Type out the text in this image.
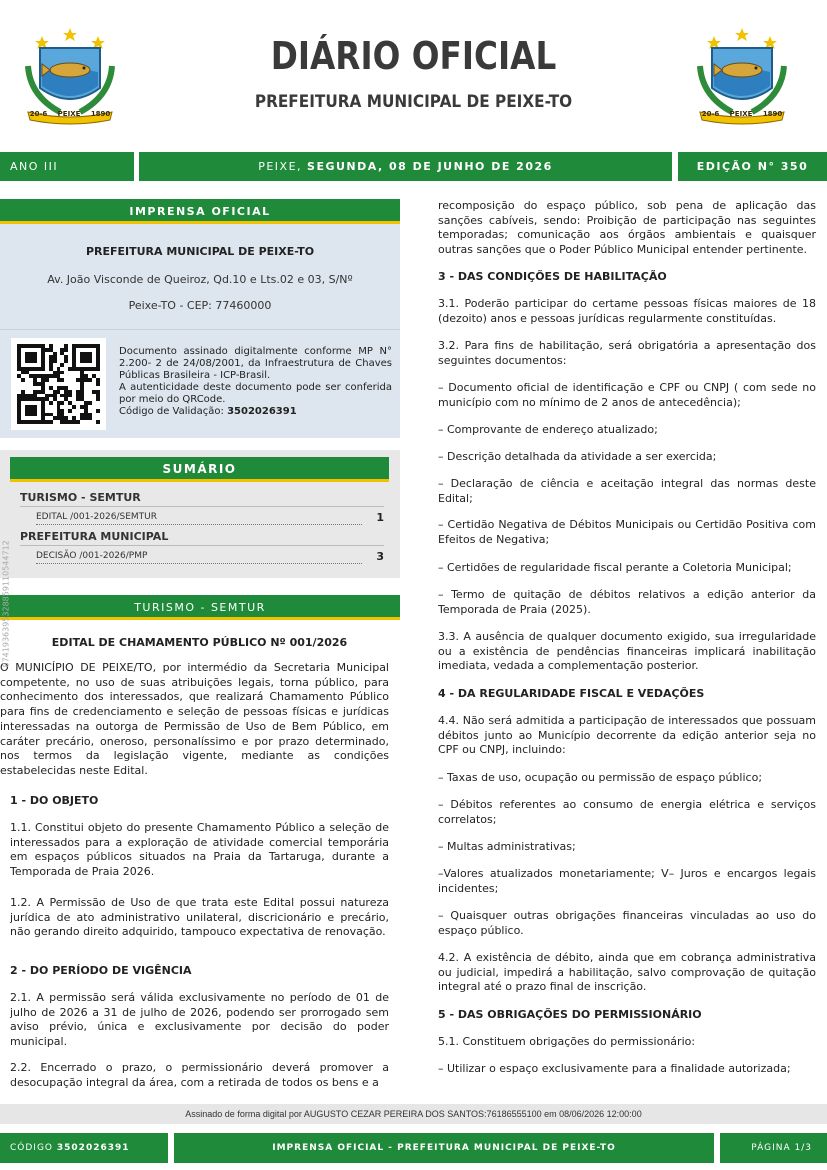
20-6 PEIXE 1890
DIÁRIO OFICIAL
PREFEITURA MUNICIPAL DE PEIXE-TO
20-6 PEIXE 1890
ANO III	PEIXE, SEGUNDA, 08 DE JUNHO DE 2026	EDIÇÃO N° 350
IMPRENSA OFICIAL
PREFEITURA MUNICIPAL DE PEIXE-TO
Av. João Visconde de Queiroz, Qd.10 e Lts.02 e 03, S/Nº
Peixe-TO - CEP: 77460000
Documento assinado digitalmente conforme MP N° 2.200- 2 de 24/08/2001, da Infraestrutura de Chaves Públicas Brasileira - ICP-Brasil.
A autenticidade deste documento pode ser conferida por meio do QRCode.
Código de Validação: 3502026391
SUMÁRIO
TURISMO - SEMTUR
EDITAL /001-2026/SEMTUR	1
PREFEITURA MUNICIPAL
DECISÃO /001-2026/PMP	3
TURISMO - SEMTUR
EDITAL DE CHAMAMENTO PÚBLICO Nº 001/2026
O MUNICÍPIO DE PEIXE/TO, por intermédio da Secretaria Municipal competente, no uso de suas atribuições legais, torna público, para conhecimento dos interessados, que realizará Chamamento Público para fins de credenciamento e seleção de pessoas físicas e jurídicas interessadas na outorga de Permissão de Uso de Bem Público, em caráter precário, oneroso, personalíssimo e por prazo determinado, nos termos da legislação vigente, mediante as condições estabelecidas neste Edital.
1 - DO OBJETO
1.1. Constitui objeto do presente Chamamento Público a seleção de interessados para a exploração de atividade comercial temporária em espaços públicos situados na Praia da Tartaruga, durante a Temporada de Praia 2026.
1.2. A Permissão de Uso de que trata este Edital possui natureza jurídica de ato administrativo unilateral, discricionário e precário, não gerando direito adquirido, tampouco expectativa de renovação.
2 - DO PERÍODO DE VIGÊNCIA
2.1. A permissão será válida exclusivamente no período de 01 de julho de 2026 a 31 de julho de 2026, podendo ser prorrogado sem aviso prévio, única e exclusivamente por decisão do poder municipal.
2.2. Encerrado o prazo, o permissionário deverá promover a desocupação integral da área, com a retirada de todos os bens e a
87419363953288591105447​12
recomposição do espaço público, sob pena de aplicação das sanções cabíveis, sendo: Proibição de participação nas seguintes temporadas; comunicação aos órgãos ambientais e quaisquer outras sanções que o Poder Público Municipal entender pertinente.
3 - DAS CONDIÇÕES DE HABILITAÇÃO
3.1. Poderão participar do certame pessoas físicas maiores de 18 (dezoito) anos e pessoas jurídicas regularmente constituídas.
3.2. Para fins de habilitação, será obrigatória a apresentação dos seguintes documentos:
– Documento oficial de identificação e CPF ou CNPJ ( com sede no município com no mínimo de 2 anos de antecedência);
– Comprovante de endereço atualizado;
– Descrição detalhada da atividade a ser exercida;
– Declaração de ciência e aceitação integral das normas deste Edital;
– Certidão Negativa de Débitos Municipais ou Certidão Positiva com Efeitos de Negativa;
– Certidões de regularidade fiscal perante a Coletoria Municipal;
– Termo de quitação de débitos relativos a edição anterior da Temporada de Praia (2025).
3.3. A ausência de qualquer documento exigido, sua irregularidade ou a existência de pendências financeiras implicará inabilitação imediata, vedada a complementação posterior.
4 - DA REGULARIDADE FISCAL E VEDAÇÕES
4.4. Não será admitida a participação de interessados que possuam débitos junto ao Município decorrente da edição anterior seja no CPF ou CNPJ, incluindo:
– Taxas de uso, ocupação ou permissão de espaço público;
– Débitos referentes ao consumo de energia elétrica e serviços correlatos;
– Multas administrativas;
–Valores atualizados monetariamente; V– Juros e encargos legais incidentes;
– Quaisquer outras obrigações financeiras vinculadas ao uso do espaço público.
4.2. A existência de débito, ainda que em cobrança administrativa ou judicial, impedirá a habilitação, salvo comprovação de quitação integral até o prazo final de inscrição.
5 - DAS OBRIGAÇÕES DO PERMISSIONÁRIO
5.1. Constituem obrigações do permissionário:
– Utilizar o espaço exclusivamente para a finalidade autorizada;
Assinado de forma digital por AUGUSTO CEZAR PEREIRA DOS SANTOS:76186555100 em 08/06/2026 12:00:00
CÓDIGO 3502026391	IMPRENSA OFICIAL - PREFEITURA MUNICIPAL DE PEIXE-TO	PÁGINA 1/3
